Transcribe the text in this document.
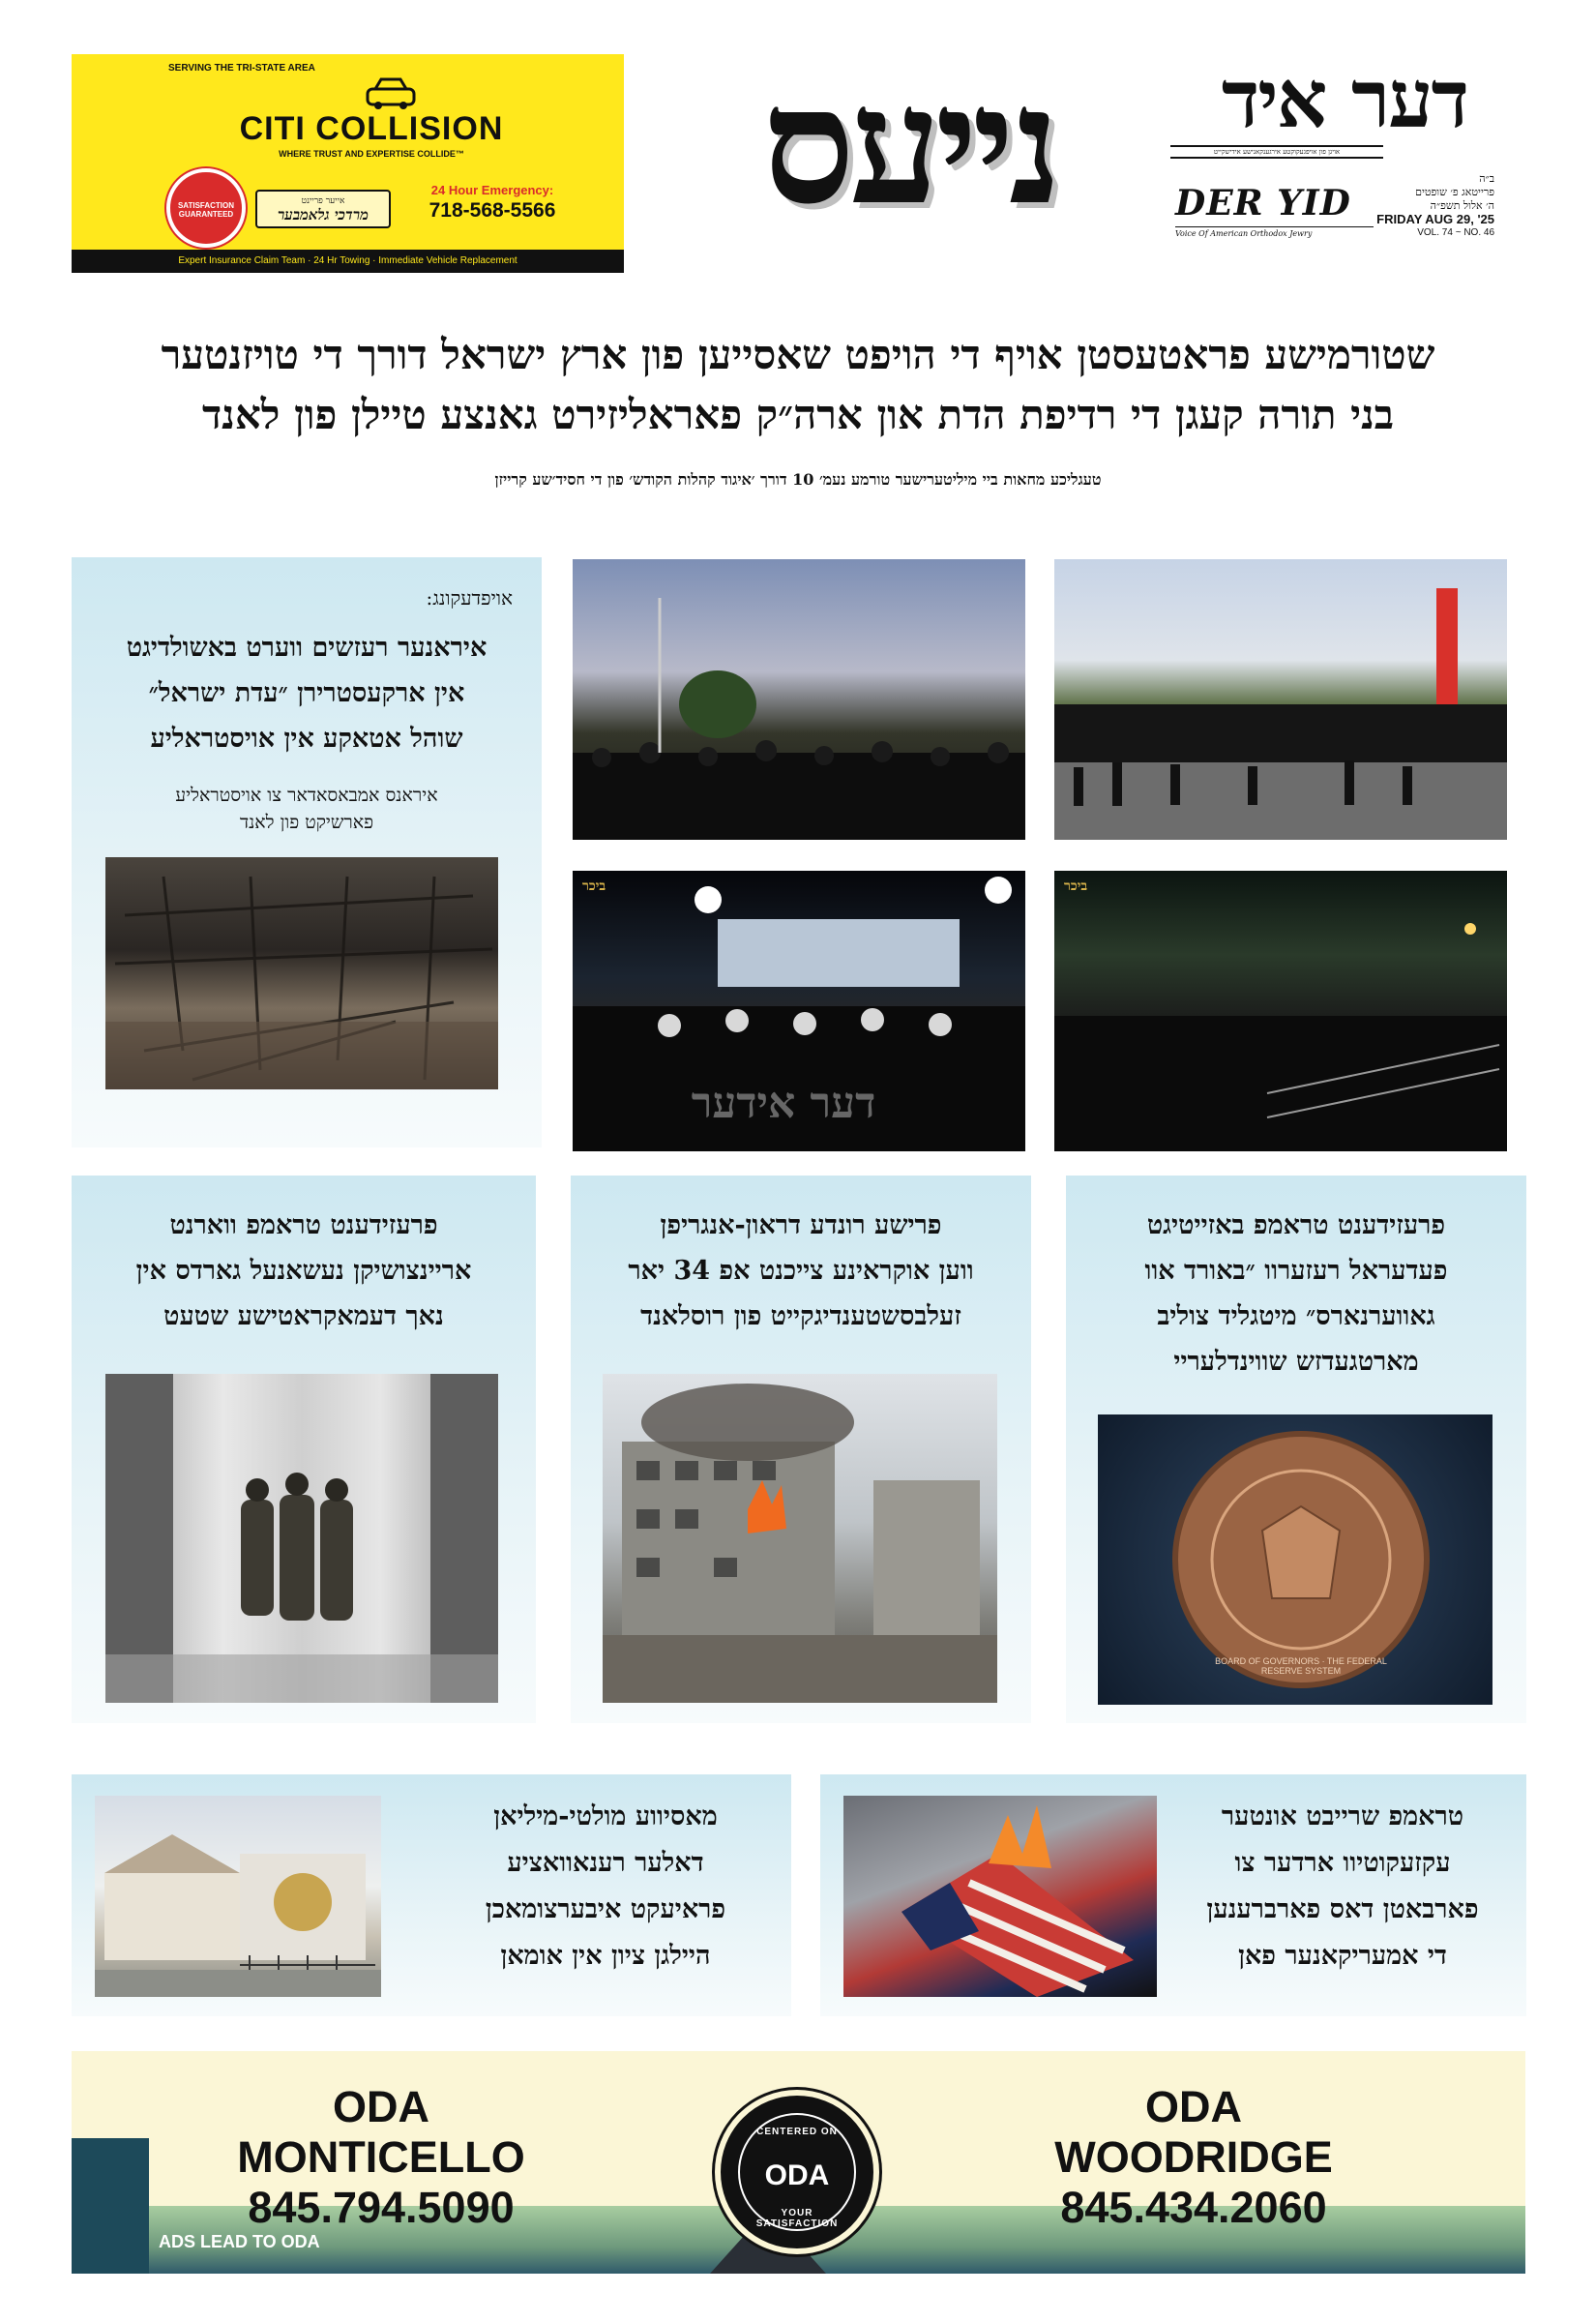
SERVING THE TRI-STATE AREA
CITI COLLISION
WHERE TRUST AND EXPERTISE COLLIDE™
SATISFACTION GUARANTEED
אייער פריינט
מרדכי גלאמבער
24 Hour Emergency:
718-568-5566
Expert Insurance Claim Team · 24 Hr Towing · Immediate Vehicle Replacement
נייעס	דער איד
אויגן פון אויפגעקוקטע אירגענקאנישע אידישקייט
DER YID
Voice Of American Orthodox Jewry
ב״ה
פרייטאג פ׳ שופטים
ה׳ אלול תשפ״ה
FRIDAY AUG 29, '25
VOL. 74 ~ NO. 46
שטורמישע פראטעסטן אויף די הויפט שאסייען פון ארץ ישראל דורך די טויזנטער
בני תורה קעגן די רדיפת הדת און ארה״ק פאראליזירט גאנצע טיילן פון לאנד
טעגליכע מחאות ביי מיליטערישער טורמע נעמ׳ 10 דורך ׳איגוד קהלות הקודש׳ פון די חסיד׳שע קרייזן
אויפדעקונג:
איראנער רעזשים ווערט באשולדיגט
אין ארקעסטרירן ״עדת ישראל״
שוהל אטאקע אין אויסטראליע
איראנס אמבאסאדאר צו אויסטראליע
פארשיקט פון לאנד
ביכר	ביכר
דער אידער
פרעזידענט טראמפ ווארנט
אריינצושיקן נעשאנעל גארדס אין
נאך דעמאקראטישע שטעט
פרישע רונדע דראון-אנגריפן
ווען אוקראינע צייכנט אפ 34 יאר
זעלבסשטענדיגקייט פון רוסלאנד
פרעזידענט טראמפ באזייטיגט
פעדעראל רעזערוו ״באורד אוו
גאווערנארס״ מיטגליד צוליב
מארטגעדזש שווינדלעריי
BOARD OF GOVERNORS · THE FEDERAL RESERVE SYSTEM
מאסיווע מולטי-מיליאן
דאלער רענאוואציע
פראיעקט איבערצומאכן
היילגן ציון אין אומאן
טראמפ שרייבט אונטער
עקזעקוטיוו ארדער צו
פארבאטן דאס פארברענען
די אמעריקאנער פאן
ADS LEAD TO ODA
ODA MONTICELLO
845.794.5090
CENTERED ON
ODA
YOUR SATISFACTION
ODA WOODRIDGE
845.434.2060
